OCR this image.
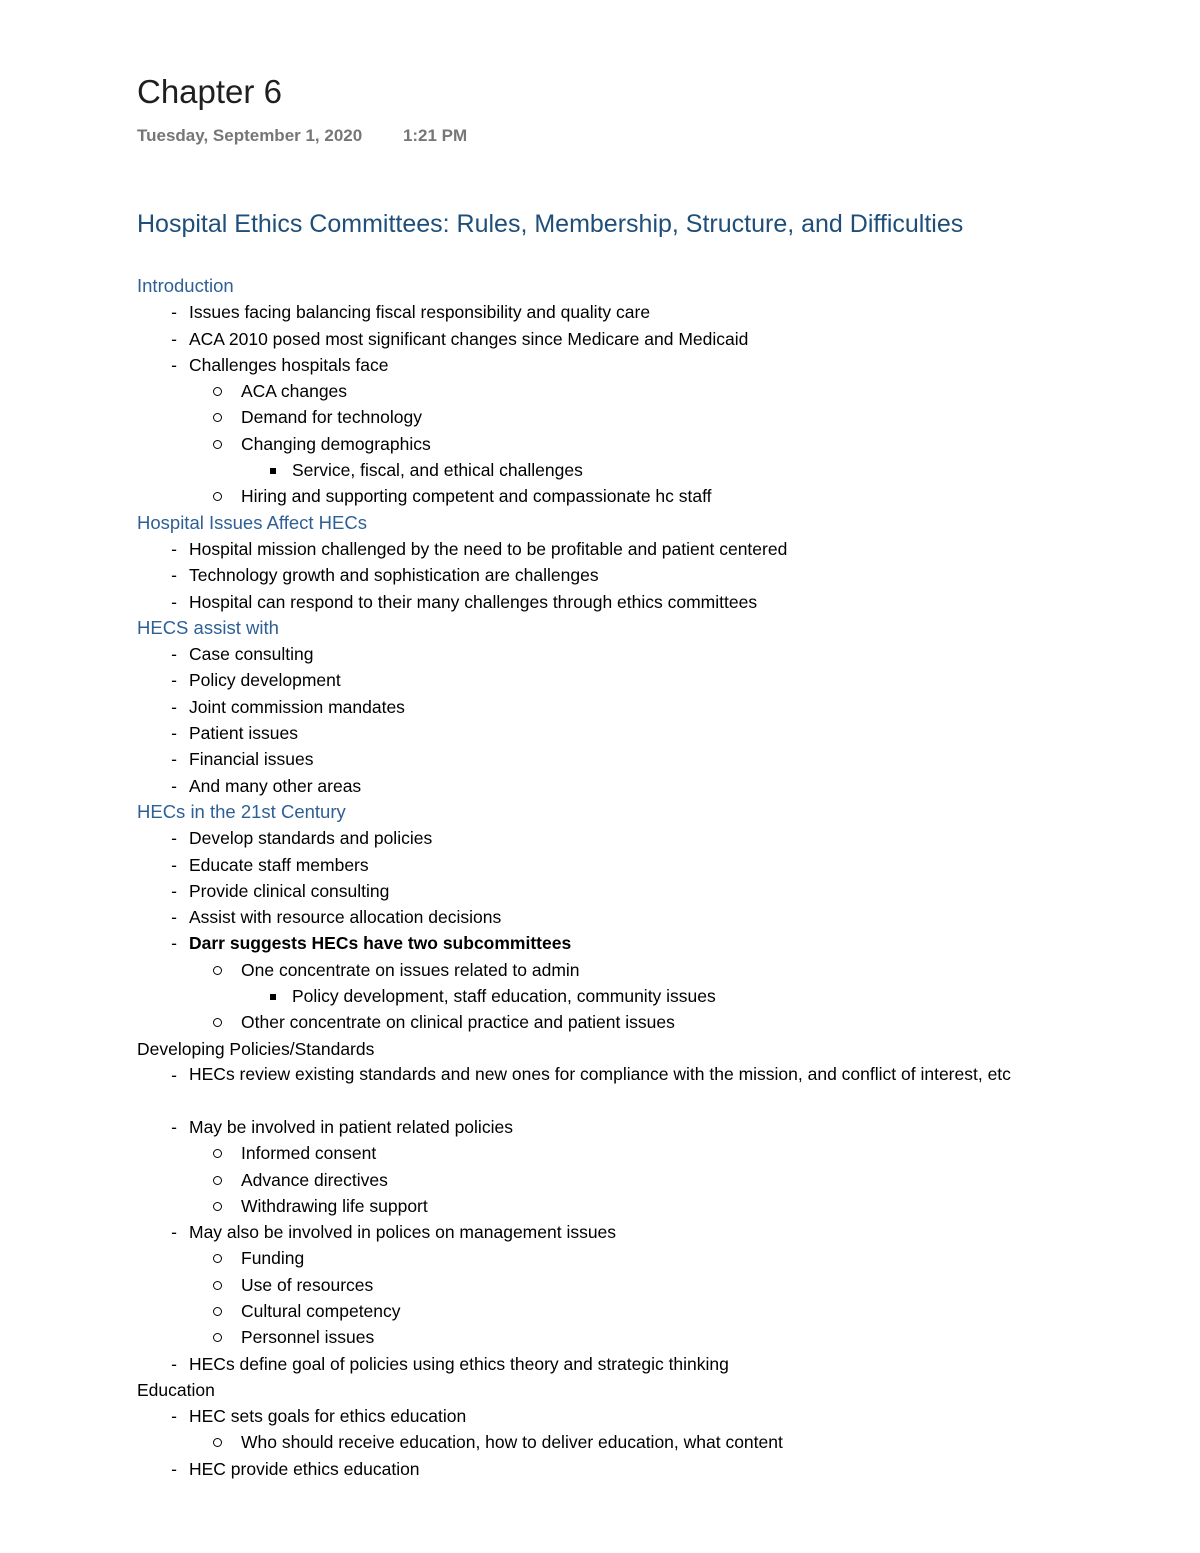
Chapter 6
Tuesday, September 1, 2020 1:21 PM
Hospital Ethics Committees: Rules, Membership, Structure, and Difficulties
Introduction
- Issues facing balancing fiscal responsibility and quality care
- ACA 2010 posed most significant changes since Medicare and Medicaid
- Challenges hospitals face
ACA changes
Demand for technology
Changing demographics
Service, fiscal, and ethical challenges
Hiring and supporting competent and compassionate hc staff
Hospital Issues Affect HECs
- Hospital mission challenged by the need to be profitable and patient centered
- Technology growth and sophistication are challenges
- Hospital can respond to their many challenges through ethics committees
HECS assist with
- Case consulting
- Policy development
- Joint commission mandates
- Patient issues
- Financial issues
- And many other areas
HECs in the 21st Century
- Develop standards and policies
- Educate staff members
- Provide clinical consulting
- Assist with resource allocation decisions
- Darr suggests HECs have two subcommittees
One concentrate on issues related to admin
Policy development, staff education, community issues
Other concentrate on clinical practice and patient issues
Developing Policies/Standards
- HECs review existing standards and new ones for compliance with the mission, and conflict of interest, etc
- May be involved in patient related policies
Informed consent
Advance directives
Withdrawing life support
- May also be involved in polices on management issues
Funding
Use of resources
Cultural competency
Personnel issues
- HECs define goal of policies using ethics theory and strategic thinking
Education
- HEC sets goals for ethics education
Who should receive education, how to deliver education, what content
- HEC provide ethics education
